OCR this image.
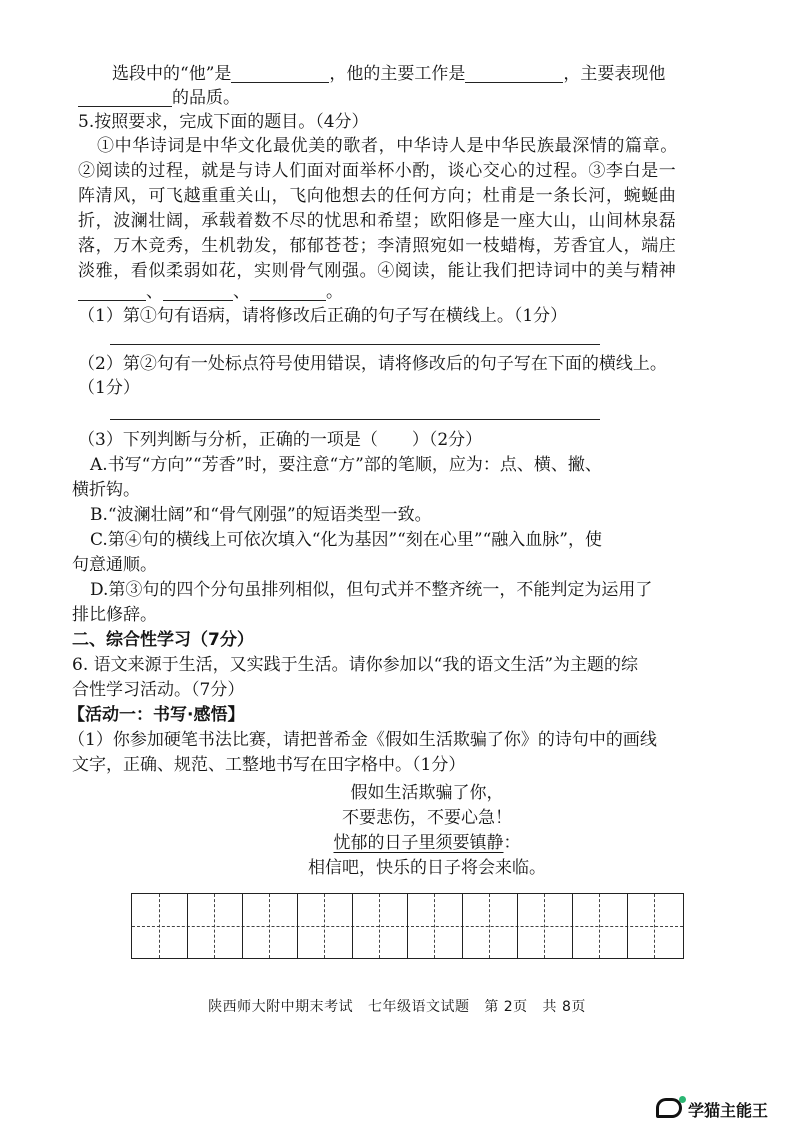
选段中的“他”是	，他的主要工作是	，主要表现他
的品质。
5.按照要求，完成下面的题目。（4分）
①中华诗词是中华文化最优美的歌者，中华诗人是中华民族最深情的篇章。
②阅读的过程，就是与诗人们面对面举杯小酌，谈心交心的过程。③李白是一
阵清风，可飞越重重关山，飞向他想去的任何方向；杜甫是一条长河，蜿蜒曲
折，波澜壮阔，承载着数不尽的忧思和希望；欧阳修是一座大山，山间林泉磊
落，万木竞秀，生机勃发，郁郁苍苍；李清照宛如一枝蜡梅，芳香宜人，端庄
淡雅，看似柔弱如花，实则骨气刚强。④阅读，能让我们把诗词中的美与精神
、	、	。
（1）第①句有语病，请将修改后正确的句子写在横线上。（1分）
（2）第②句有一处标点符号使用错误，请将修改后的句子写在下面的横线上。
（1分）
（3）下列判断与分析，正确的一项是（　　）（2分）
A.书写“方向”“芳香”时，要注意“方”部的笔顺，应为：点、横、撇、
横折钩。
B.“波澜壮阔”和“骨气刚强”的短语类型一致。
C.第④句的横线上可依次填入“化为基因”“刻在心里”“融入血脉”，使
句意通顺。
D.第③句的四个分句虽排列相似，但句式并不整齐统一，不能判定为运用了
排比修辞。
二、综合性学习（7分）
6. 语文来源于生活，又实践于生活。请你参加以“我的语文生活”为主题的综
合性学习活动。（7分）
【活动一：书写·感悟】
（1）你参加硬笔书法比赛，请把普希金《假如生活欺骗了你》的诗句中的画线
文字，正确、规范、工整地书写在田字格中。（1分）
假如生活欺骗了你，
不要悲伤，不要心急！
忧郁的日子里须要镇静：
相信吧，快乐的日子将会来临。
陕西师大附中期末考试 七年级语文试题 第 2页 共 8页
学猫主能王
